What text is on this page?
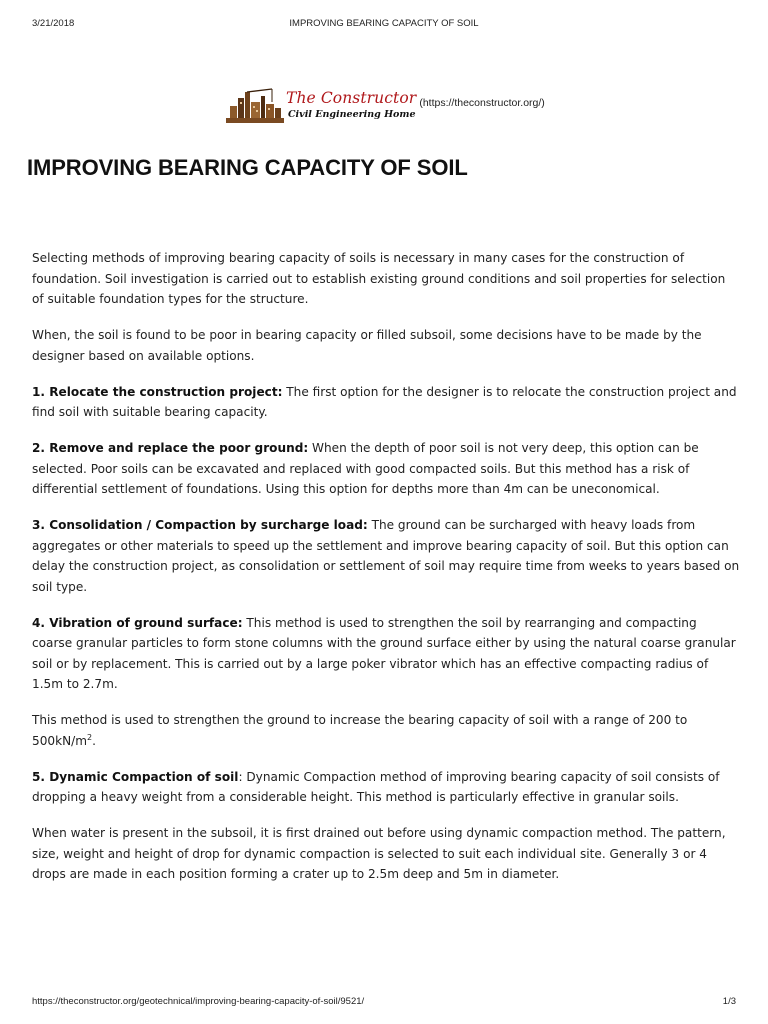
3/21/2018	IMPROVING BEARING CAPACITY OF SOIL
The Constructor
Civil Engineering Home
(https://theconstructor.org/)
IMPROVING BEARING CAPACITY OF SOIL

Selecting methods of improving bearing capacity of soils is necessary in many cases for the construction of foundation. Soil investigation is carried out to establish existing ground conditions and soil properties for selection of suitable foundation types for the structure.

When, the soil is found to be poor in bearing capacity or filled subsoil, some decisions have to be made by the designer based on available options.

1. Relocate the construction project: The first option for the designer is to relocate the construction project and find soil with suitable bearing capacity.

2. Remove and replace the poor ground: When the depth of poor soil is not very deep, this option can be selected. Poor soils can be excavated and replaced with good compacted soils. But this method has a risk of differential settlement of foundations. Using this option for depths more than 4m can be uneconomical.

3. Consolidation / Compaction by surcharge load: The ground can be surcharged with heavy loads from aggregates or other materials to speed up the settlement and improve bearing capacity of soil. But this option can delay the construction project, as consolidation or settlement of soil may require time from weeks to years based on soil type.

4. Vibration of ground surface: This method is used to strengthen the soil by rearranging and compacting coarse granular particles to form stone columns with the ground surface either by using the natural coarse granular soil or by replacement. This is carried out by a large poker vibrator which has an effective compacting radius of 1.5m to 2.7m.

This method is used to strengthen the ground to increase the bearing capacity of soil with a range of 200 to $500kN/m^2$.

5. Dynamic Compaction of soil: Dynamic Compaction method of improving bearing capacity of soil consists of dropping a heavy weight from a considerable height. This method is particularly effective in granular soils.

When water is present in the subsoil, it is first drained out before using dynamic compaction method. The pattern, size, weight and height of drop for dynamic compaction is selected to suit each individual site. Generally 3 or 4 drops are made in each position forming a crater up to 2.5m deep and 5m in diameter.

https://theconstructor.org/geotechnical/improving-bearing-capacity-of-soil/9521/	1/3
